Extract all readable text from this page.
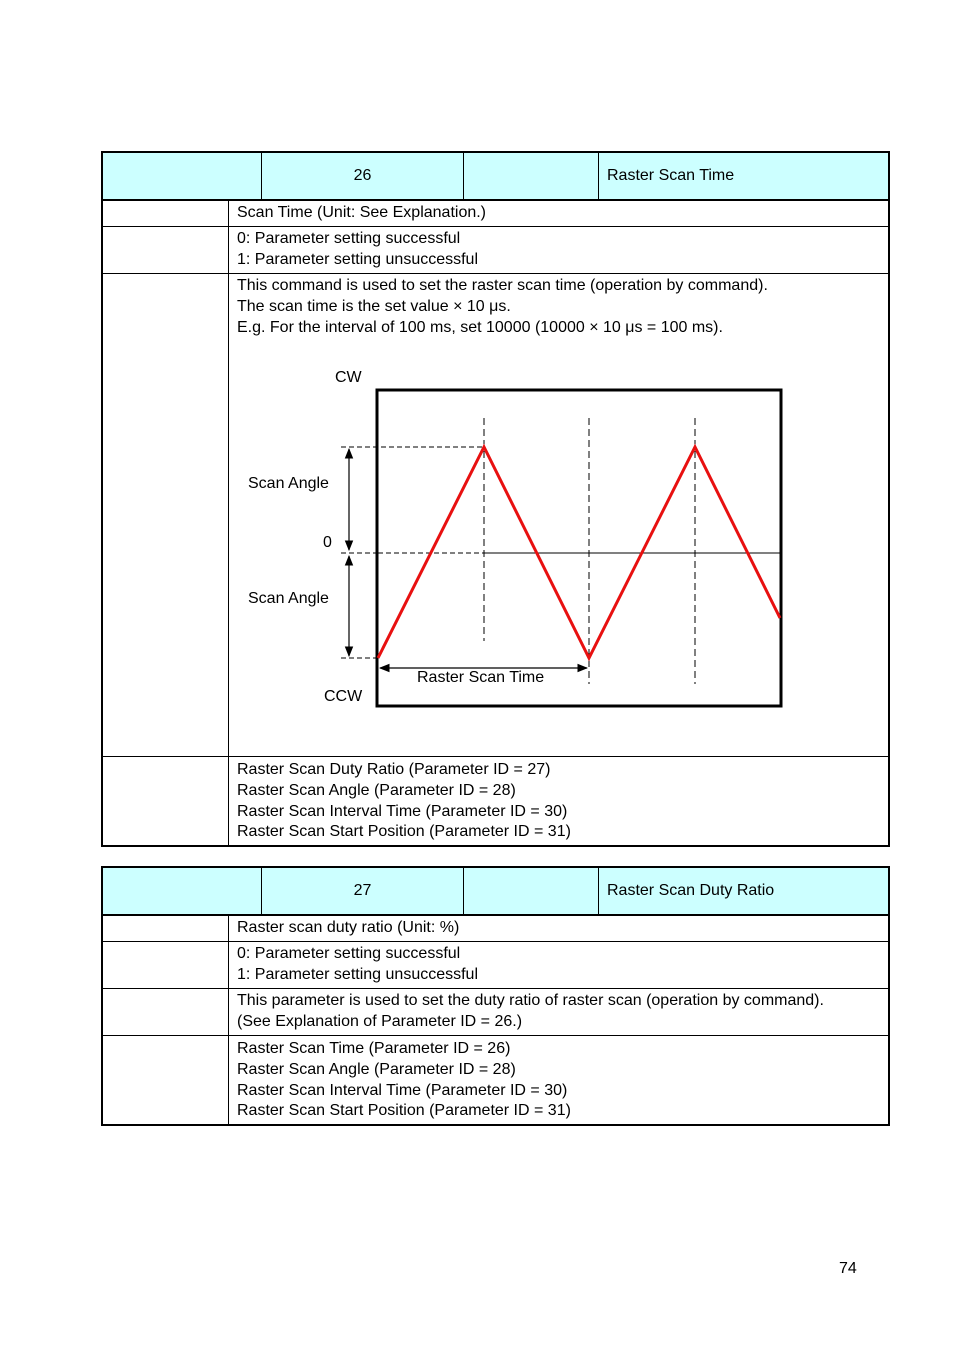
26	Raster Scan Time
Scan Time (Unit: See Explanation.)
0: Parameter setting successful
1: Parameter setting unsuccessful
This command is used to set the raster scan time (operation by command).
The scan time is the set value × 10 μs.
E.g. For the interval of 100 ms, set 10000 (10000 × 10 μs = 100 ms).
CW
CCW
0
Scan Angle
Scan Angle
Raster Scan Time
Raster Scan Duty Ratio (Parameter ID = 27)
Raster Scan Angle (Parameter ID = 28)
Raster Scan Interval Time (Parameter ID = 30)
Raster Scan Start Position (Parameter ID = 31)
27	Raster Scan Duty Ratio
Raster scan duty ratio (Unit: %)
0: Parameter setting successful
1: Parameter setting unsuccessful
This parameter is used to set the duty ratio of raster scan (operation by command).
(See Explanation of Parameter ID = 26.)
Raster Scan Time (Parameter ID = 26)
Raster Scan Angle (Parameter ID = 28)
Raster Scan Interval Time (Parameter ID = 30)
Raster Scan Start Position (Parameter ID = 31)
74
